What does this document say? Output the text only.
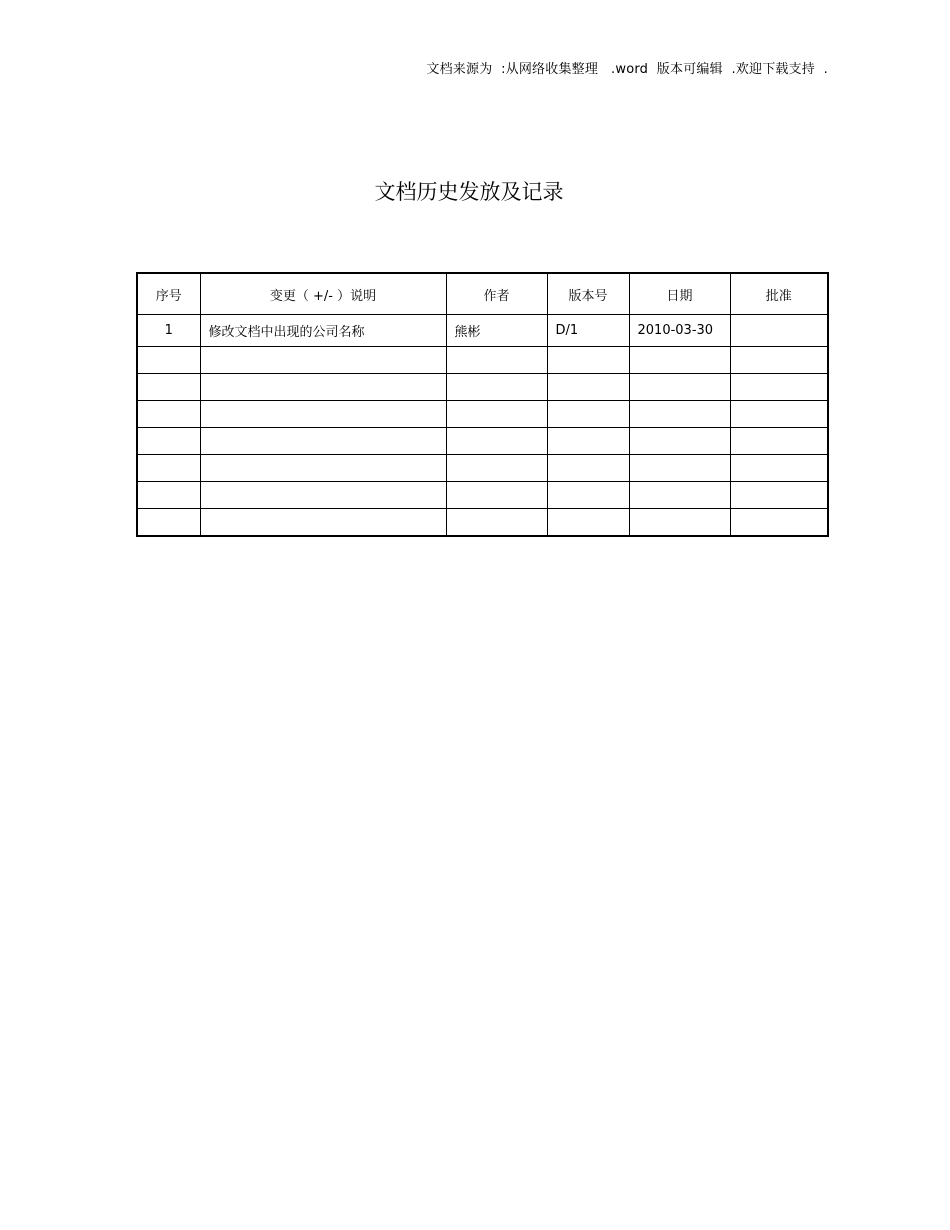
文档来源为  :从网络收集整理   .word  版本可编辑  .欢迎下载支持  .
文档历史发放及记录
序号	变更（ +/- ）说明	作者	版本号	日期	批准
1	修改文档中出现的公司名称	熊彬	D/1	2010-03-30	
